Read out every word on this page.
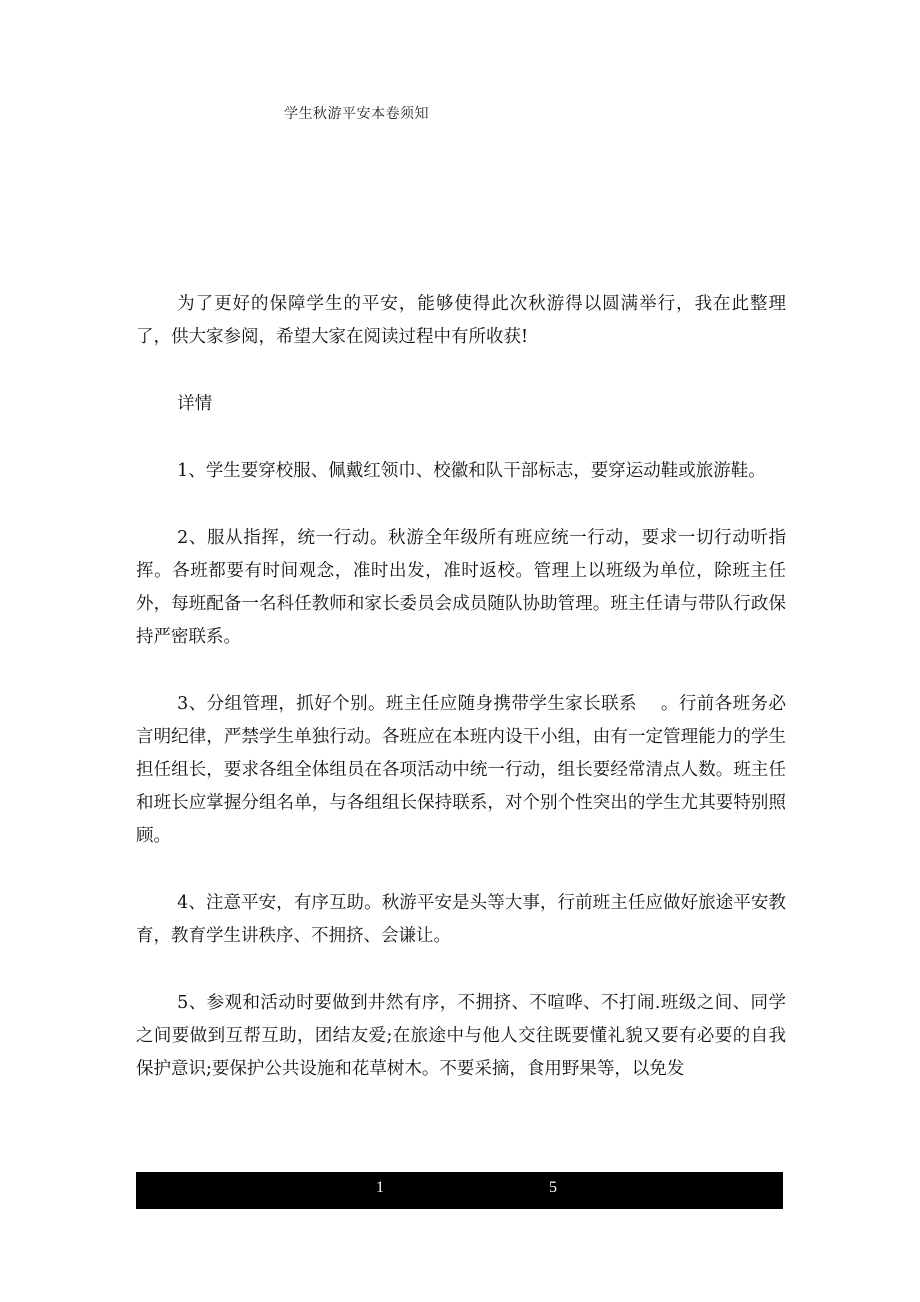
学生秋游平安本卷须知

为了更好的保障学生的平安，能够使得此次秋游得以圆满举行，我在此整理了，供大家参阅，希望大家在阅读过程中有所收获!

详情

1、学生要穿校服、佩戴红领巾、校徽和队干部标志，要穿运动鞋或旅游鞋。

2、服从指挥，统一行动。秋游全年级所有班应统一行动，要求一切行动听指挥。各班都要有时间观念，准时出发，准时返校。管理上以班级为单位，除班主任外，每班配备一名科任教师和家长委员会成员随队协助管理。班主任请与带队行政保持严密联系。

3、分组管理，抓好个别。班主任应随身携带学生家长联系　 。行前各班务必言明纪律，严禁学生单独行动。各班应在本班内设干小组，由有一定管理能力的学生担任组长，要求各组全体组员在各项活动中统一行动，组长要经常清点人数。班主任和班长应掌握分组名单，与各组组长保持联系，对个别个性突出的学生尤其要特别照顾。

4、注意平安，有序互助。秋游平安是头等大事，行前班主任应做好旅途平安教育，教育学生讲秩序、不拥挤、会谦让。

5、参观和活动时要做到井然有序，不拥挤、不喧哗、不打闹.班级之间、同学之间要做到互帮互助，团结友爱;在旅途中与他人交往既要懂礼貌又要有必要的自我保护意识;要保护公共设施和花草树木。不要采摘，食用野果等，以免发

1	5
